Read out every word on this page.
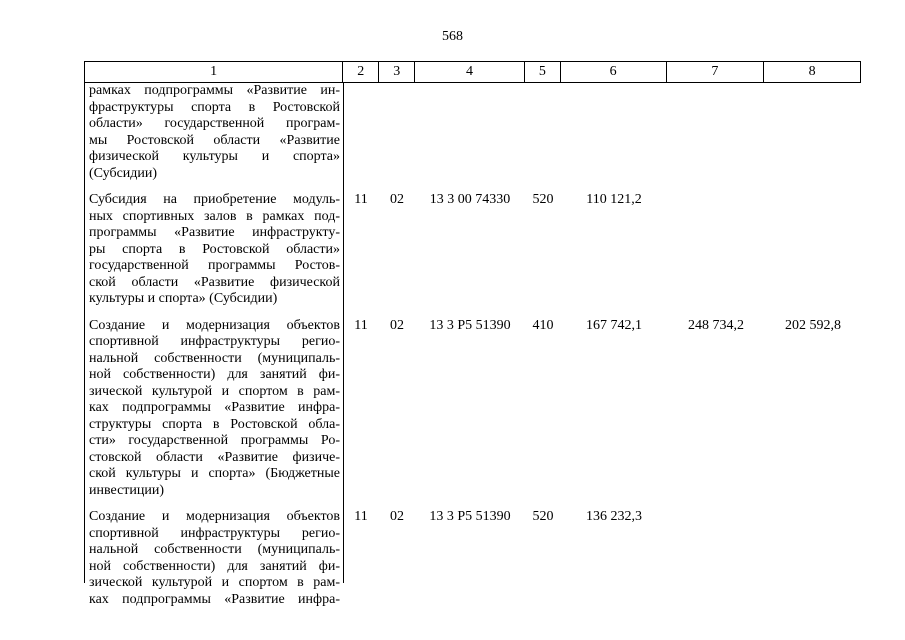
568
1	2	3	4	5	6	7	8
рамках подпрограммы «Развитие ин-
фраструктуры спорта в Ростовской
области» государственной програм-
мы Ростовской области «Развитие
физической культуры и спорта»
(Субсидии)
Субсидия на приобретение модуль-
ных спортивных залов в рамках под-
программы «Развитие инфраструкту-
ры спорта в Ростовской области»
государственной программы Ростов-
ской области «Развитие физической
культуры и спорта» (Субсидии)
11	02	13 3 00 74330	520	110 121,2
Создание и модернизация объектов
спортивной инфраструктуры регио-
нальной собственности (муниципаль-
ной собственности) для занятий фи-
зической культурой и спортом в рам-
ках подпрограммы «Развитие инфра-
структуры спорта в Ростовской обла-
сти» государственной программы Ро-
стовской области «Развитие физиче-
ской культуры и спорта» (Бюджетные
инвестиции)
11	02	13 3 P5 51390	410	167 742,1	248 734,2	202 592,8
Создание и модернизация объектов
спортивной инфраструктуры регио-
нальной собственности (муниципаль-
ной собственности) для занятий фи-
зической культурой и спортом в рам-
ках подпрограммы «Развитие инфра-
11	02	13 3 P5 51390	520	136 232,3
